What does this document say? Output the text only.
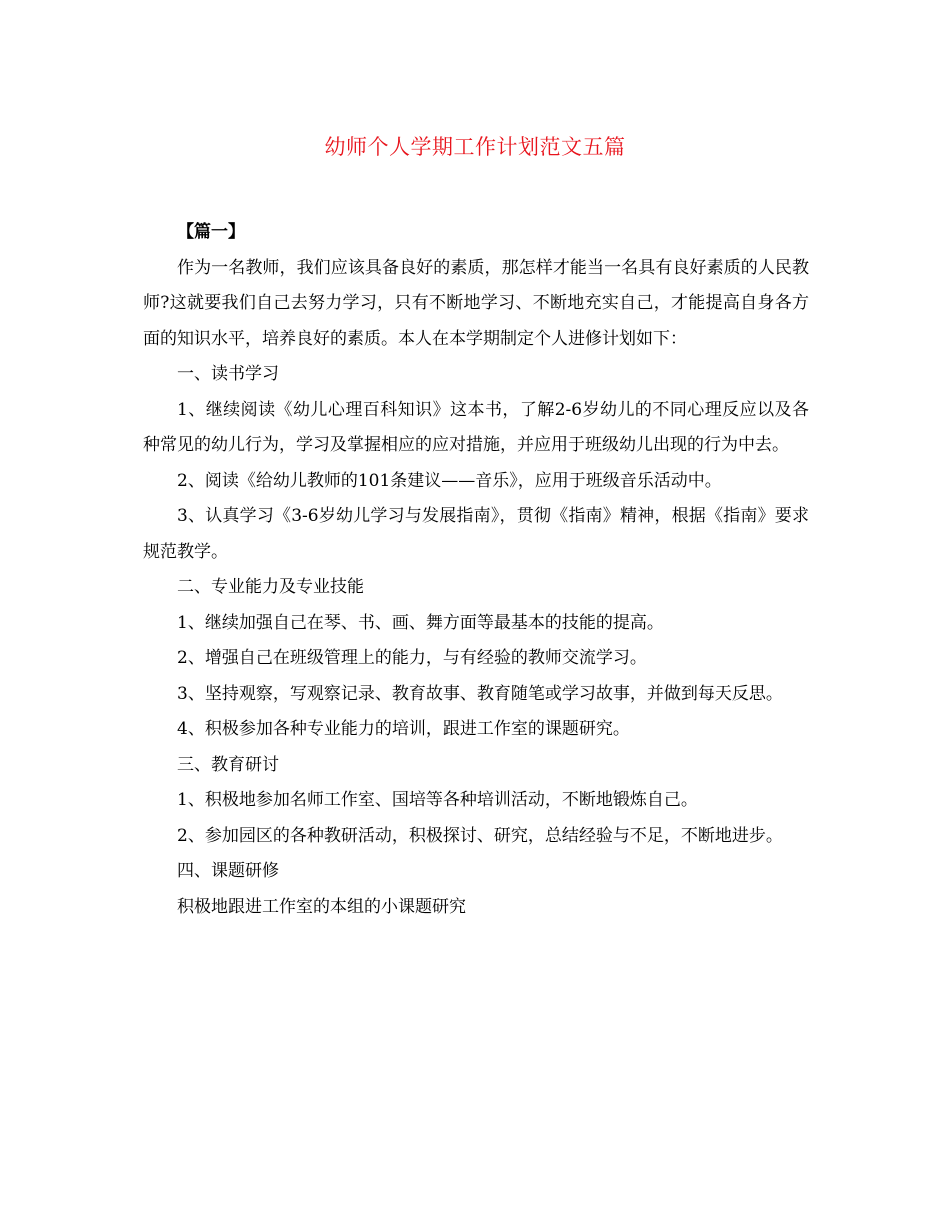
幼师个人学期工作计划范文五篇

【篇一】

作为一名教师，我们应该具备良好的素质，那怎样才能当一名具有良好素质的人民教师?这就要我们自己去努力学习，只有不断地学习、不断地充实自己，才能提高自身各方面的知识水平，培养良好的素质。本人在本学期制定个人进修计划如下：

一、读书学习

1、继续阅读《幼儿心理百科知识》这本书，了解2-6岁幼儿的不同心理反应以及各种常见的幼儿行为，学习及掌握相应的应对措施，并应用于班级幼儿出现的行为中去。

2、阅读《给幼儿教师的101条建议——音乐》，应用于班级音乐活动中。

3、认真学习《3-6岁幼儿学习与发展指南》，贯彻《指南》精神，根据《指南》要求规范教学。

二、专业能力及专业技能

1、继续加强自己在琴、书、画、舞方面等最基本的技能的提高。

2、增强自己在班级管理上的能力，与有经验的教师交流学习。

3、坚持观察，写观察记录、教育故事、教育随笔或学习故事，并做到每天反思。

4、积极参加各种专业能力的培训，跟进工作室的课题研究。

三、教育研讨

1、积极地参加名师工作室、国培等各种培训活动，不断地锻炼自己。

2、参加园区的各种教研活动，积极探讨、研究，总结经验与不足，不断地进步。

四、课题研修

积极地跟进工作室的本组的小课题研究
